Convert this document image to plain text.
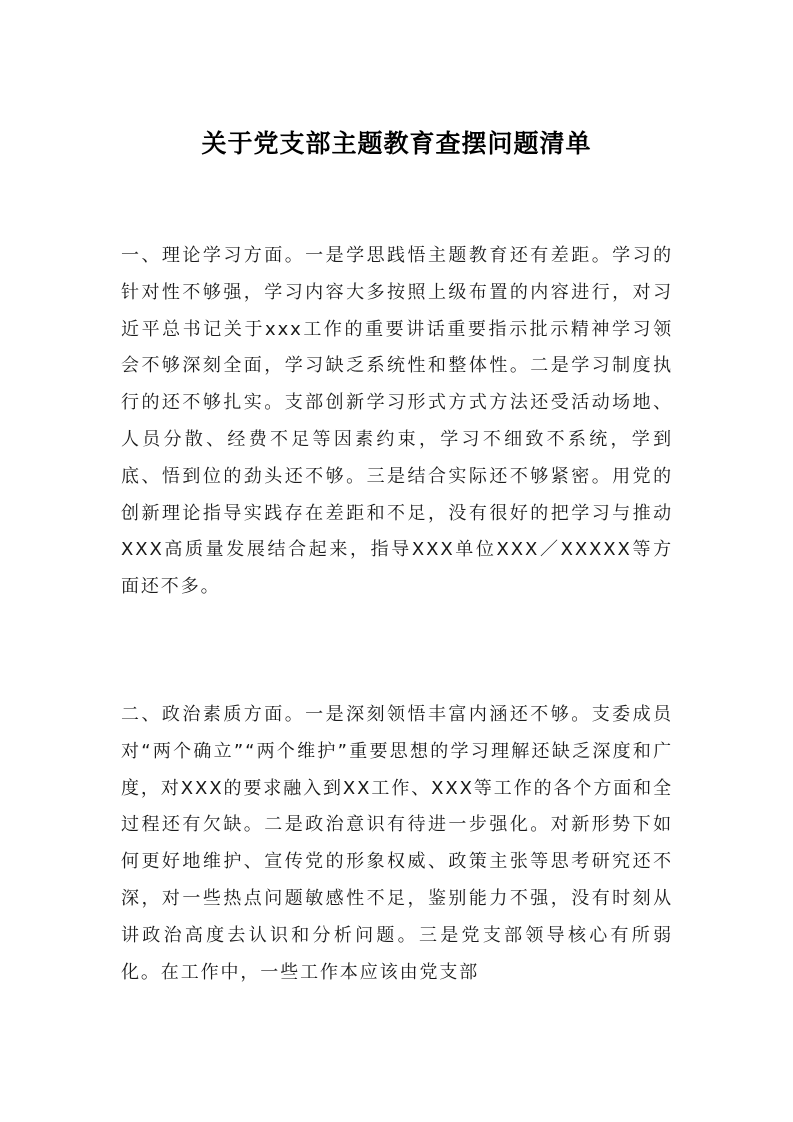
关于党支部主题教育查摆问题清单

一、理论学习方面。一是学思践悟主题教育还有差距。学习的针对性不够强，学习内容大多按照上级布置的内容进行，对习近平总书记关于xxx工作的重要讲话重要指示批示精神学习领会不够深刻全面，学习缺乏系统性和整体性。二是学习制度执行的还不够扎实。支部创新学习形式方式方法还受活动场地、人员分散、经费不足等因素约束，学习不细致不系统，学到底、悟到位的劲头还不够。三是结合实际还不够紧密。用党的创新理论指导实践存在差距和不足，没有很好的把学习与推动XXX高质量发展结合起来，指导XXX单位XXX／XXXXX等方面还不多。

二、政治素质方面。一是深刻领悟丰富内涵还不够。支委成员对“两个确立”“两个维护”重要思想的学习理解还缺乏深度和广度，对XXX的要求融入到XX工作、XXX等工作的各个方面和全过程还有欠缺。二是政治意识有待进一步强化。对新形势下如何更好地维护、宣传党的形象权威、政策主张等思考研究还不深，对一些热点问题敏感性不足，鉴别能力不强，没有时刻从讲政治高度去认识和分析问题。三是党支部领导核心有所弱化。在工作中，一些工作本应该由党支部
